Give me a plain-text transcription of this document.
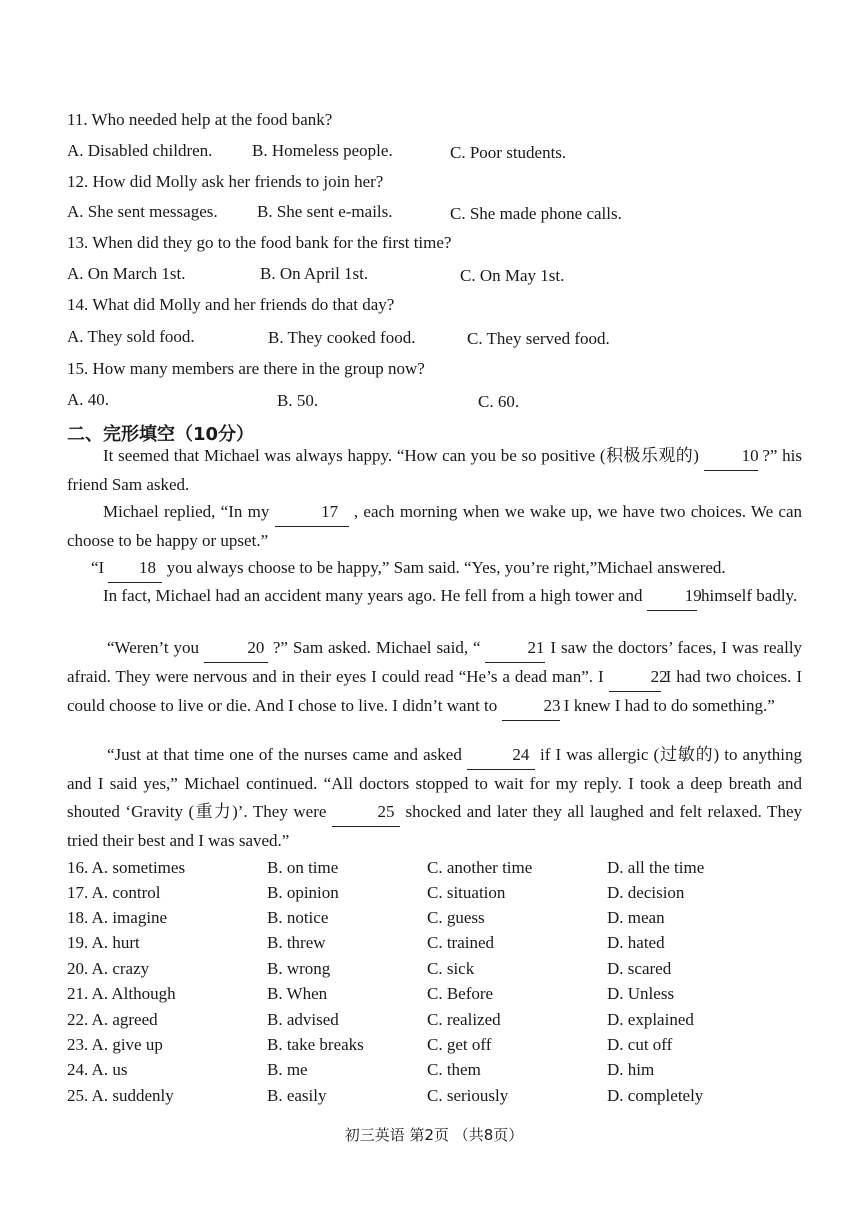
11. Who needed help at the food bank?
A. Disabled children. B. Homeless people.	C. Poor students.
12. How did Molly ask her friends to join her?
A. She sent messages. B. She sent e-mails.	C. She made phone calls.
13. When did they go to the food bank for the first time?
A. On March 1st.	B. On April 1st.	C. On May 1st.
14. What did Molly and her friends do that day?
A. They sold food.	B. They cooked food.	C. They served food.
15. How many members are there in the group now?
A. 40.	B. 50.	C. 60.
二、完形填空（10分）
It seemed that Michael was always happy. “How can you be so positive (积极乐观的)	10 ?” his friend Sam asked.
Michael replied, “In my	17 , each morning when we wake up, we have two choices. We can choose to be happy or upset.”
“I 18 you always choose to be happy,” Sam said. “Yes, you’re right,”Michael answered.
In fact, Michael had an accident many years ago. He fell from a high tower and 19 himself badly.
“Weren’t you	20 ?” Sam asked. Michael said, “	21 I saw the doctors’ faces, I was really afraid. They were nervous and in their eyes I could read “He’s a dead man”. I	22 I had two choices. I could choose to live or die. And I chose to live. I didn’t want to	23 I knew I had to do something.”
“Just at that time one of the nurses came and asked	24 if I was allergic (过敏的) to anything and I said yes,” Michael continued. “All doctors stopped to wait for my reply. I took a deep breath and shouted ‘Gravity (重力)’. They were	25 shocked and later they all laughed and felt relaxed. They tried their best and I was saved.”
16. A. sometimes	B. on time	C. another time	D. all the time
17. A. control	B. opinion	C. situation	D. decision
18. A. imagine	B. notice	C. guess	D. mean
19. A. hurt	B. threw	C. trained	D. hated
20. A. crazy	B. wrong	C. sick	D. scared
21. A. Although	B. When	C. Before	D. Unless
22. A. agreed	B. advised	C. realized	D. explained
23. A. give up	B. take breaks	C. get off	D. cut off
24. A. us	B. me	C. them	D. him
25. A. suddenly	B. easily	C. seriously	D. completely
初三英语 第2页 （共8页）
